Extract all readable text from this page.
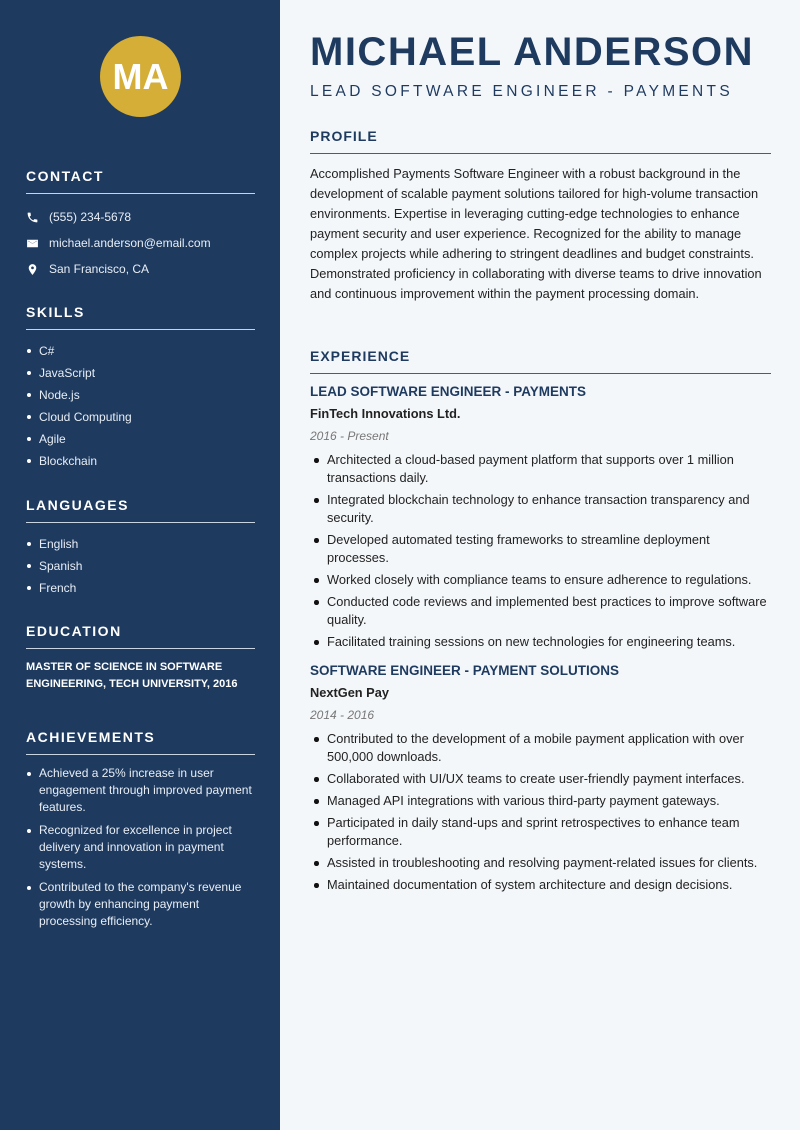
MA
CONTACT
(555) 234-5678
michael.anderson@email.com
San Francisco, CA
SKILLS
C#
JavaScript
Node.js
Cloud Computing
Agile
Blockchain
LANGUAGES
English
Spanish
French
EDUCATION
MASTER OF SCIENCE IN SOFTWARE ENGINEERING, TECH UNIVERSITY, 2016
ACHIEVEMENTS
Achieved a 25% increase in user engagement through improved payment features.
Recognized for excellence in project delivery and innovation in payment systems.
Contributed to the company's revenue growth by enhancing payment processing efficiency.
MICHAEL ANDERSON
LEAD SOFTWARE ENGINEER - PAYMENTS
PROFILE
Accomplished Payments Software Engineer with a robust background in the development of scalable payment solutions tailored for high-volume transaction environments. Expertise in leveraging cutting-edge technologies to enhance payment security and user experience. Recognized for the ability to manage complex projects while adhering to stringent deadlines and budget constraints. Demonstrated proficiency in collaborating with diverse teams to drive innovation and continuous improvement within the payment processing domain.
EXPERIENCE
LEAD SOFTWARE ENGINEER - PAYMENTS
FinTech Innovations Ltd.
2016 - Present
Architected a cloud-based payment platform that supports over 1 million transactions daily.
Integrated blockchain technology to enhance transaction transparency and security.
Developed automated testing frameworks to streamline deployment processes.
Worked closely with compliance teams to ensure adherence to regulations.
Conducted code reviews and implemented best practices to improve software quality.
Facilitated training sessions on new technologies for engineering teams.
SOFTWARE ENGINEER - PAYMENT SOLUTIONS
NextGen Pay
2014 - 2016
Contributed to the development of a mobile payment application with over 500,000 downloads.
Collaborated with UI/UX teams to create user-friendly payment interfaces.
Managed API integrations with various third-party payment gateways.
Participated in daily stand-ups and sprint retrospectives to enhance team performance.
Assisted in troubleshooting and resolving payment-related issues for clients.
Maintained documentation of system architecture and design decisions.
